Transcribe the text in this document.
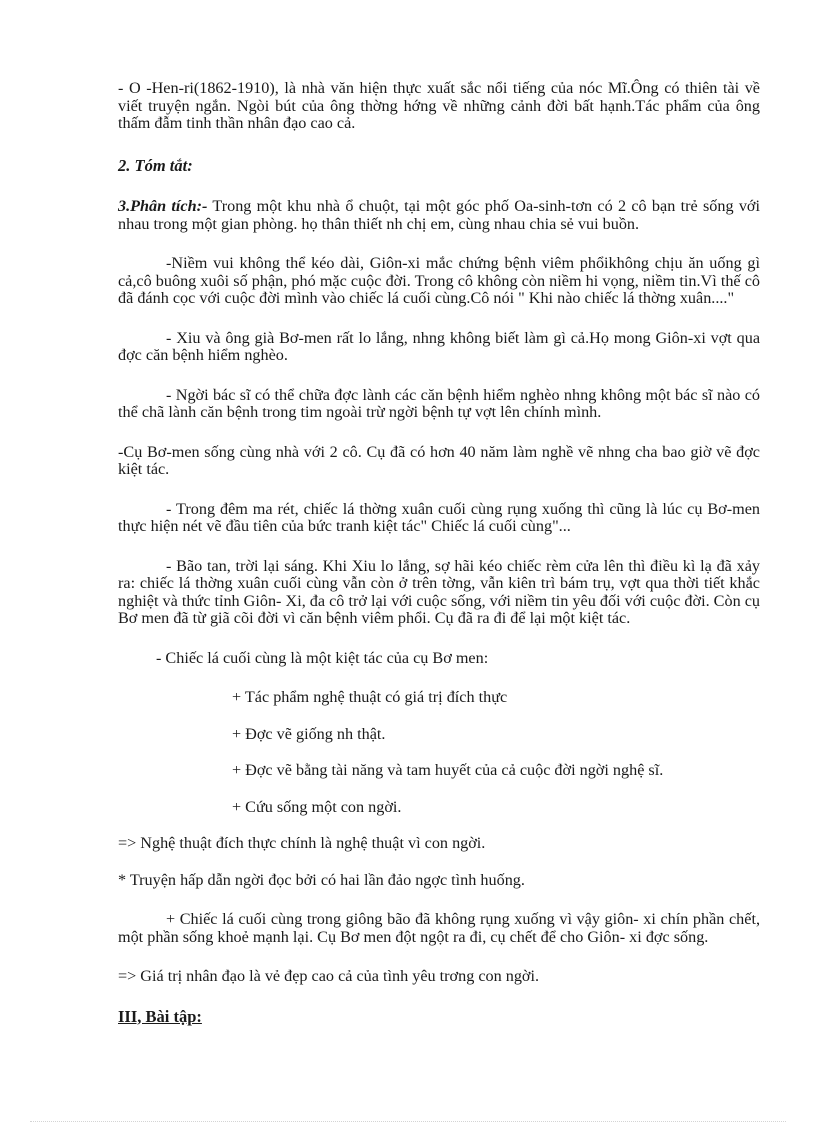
- O -Hen-ri(1862-1910), là nhà văn hiện thực xuất sắc nổi tiếng của nóc Mĩ.Ông có thiên tài về viết truyện ngắn. Ngòi bút của ông thờng hớng về những cảnh đời bất hạnh.Tác phẩm của ông thấm đẫm tinh thần nhân đạo cao cả.

2. Tóm tắt:

3.Phân tích:- Trong một khu nhà ổ chuột, tại một góc phố Oa-sinh-tơn có 2 cô bạn trẻ sống với nhau trong một gian phòng. họ thân thiết nh chị em, cùng nhau chia sẻ vui buồn.

-Niềm vui không thể kéo dài, Giôn-xi mắc chứng bệnh viêm phổikhông chịu ăn uống gì cả,cô buông xuôi số phận, phó mặc cuộc đời. Trong cô không còn niềm hi vọng, niềm tin.Vì thế cô đã đánh cọc với cuộc đời mình vào chiếc lá cuối cùng.Cô nói " Khi nào chiếc lá thờng xuân...."

- Xiu và ông già Bơ-men rất lo lắng, nhng không biết làm gì cả.Họ mong Giôn-xi vợt qua đợc căn bệnh hiểm nghèo.

- Ngời bác sĩ có thể chữa đợc lành các căn bệnh hiểm nghèo nhng không một bác sĩ nào có thể chã lành căn bệnh trong tim ngoài trừ ngời bệnh tự vợt lên chính mình.

-Cụ Bơ-men sống cùng nhà với 2 cô. Cụ đã có hơn 40 năm làm nghề vẽ nhng cha bao giờ vẽ đợc kiệt tác.

- Trong đêm ma rét, chiếc lá thờng xuân cuối cùng rụng xuống thì cũng là lúc cụ Bơ-men thực hiện nét vẽ đầu tiên của bức tranh kiệt tác" Chiếc lá cuối cùng"...

- Bão tan, trời lại sáng. Khi Xiu lo lắng, sợ hãi kéo chiếc rèm cửa lên thì điều kì lạ đã xảy ra: chiếc lá thờng xuân cuối cùng vẫn còn ở trên tờng, vẫn kiên trì bám trụ, vợt qua thời tiết khắc nghiệt và thức tỉnh Giôn- Xi, đa cô trở lại với cuộc sống, với niềm tin yêu đối với cuộc đời. Còn cụ Bơ men đã từ giã cõi đời vì căn bệnh viêm phổi. Cụ đã ra đi để lại một kiệt tác.

- Chiếc lá cuối cùng là một kiệt tác của cụ Bơ men:

+ Tác phẩm nghệ thuật có giá trị đích thực

+ Đợc vẽ giống nh thật.

+ Đợc vẽ bằng tài năng và tam huyết của cả cuộc đời ngời nghệ sĩ.

+ Cứu sống một con ngời.

=> Nghệ thuật đích thực chính là nghệ thuật vì con ngời.

* Truyện hấp dẫn ngời đọc bởi có hai lần đảo ngợc tình huống.

+ Chiếc lá cuối cùng trong giông bão đã không rụng xuống vì vậy giôn- xi chín phần chết, một phần sống khoẻ mạnh lại. Cụ Bơ men đột ngột ra đi, cụ chết để cho Giôn- xi đợc sống.

=> Giá trị nhân đạo là vẻ đẹp cao cả của tình yêu trơng con ngời.

III, Bài tập:
